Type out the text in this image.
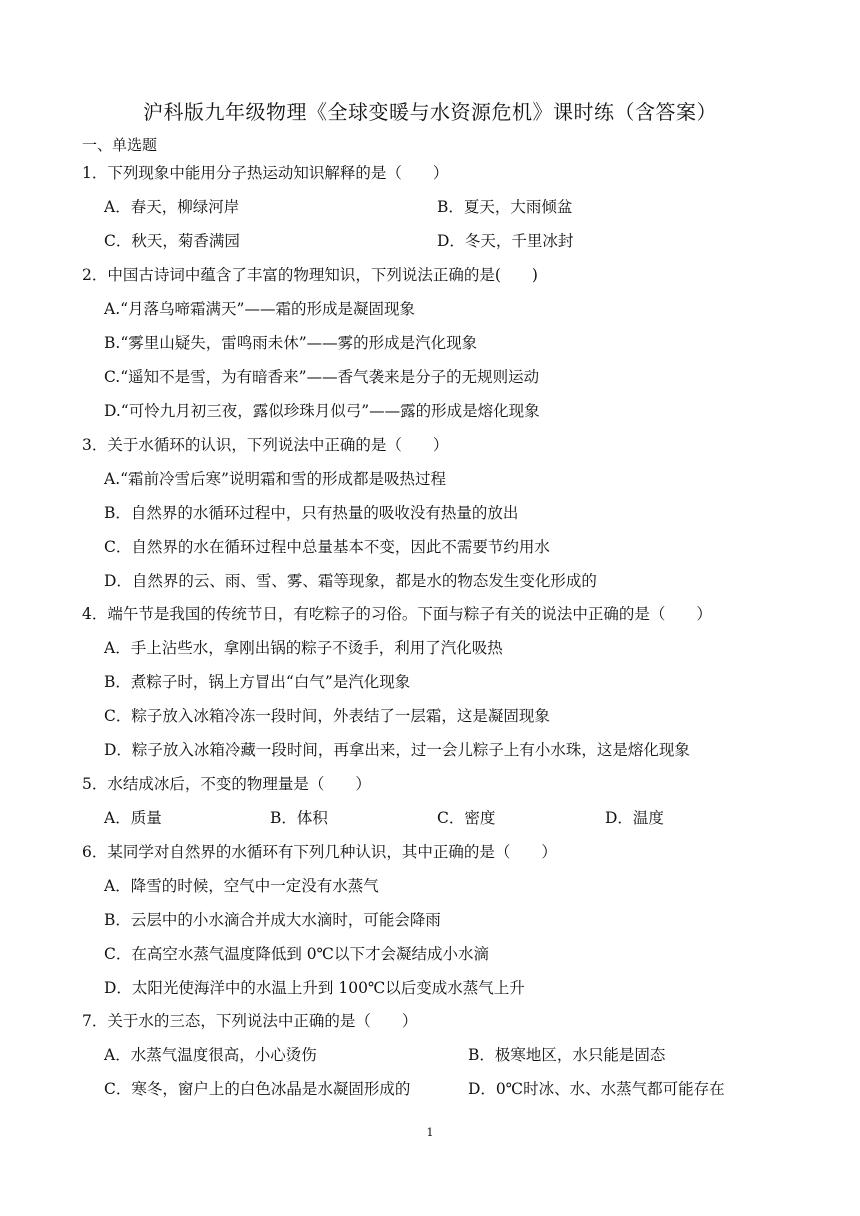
沪科版九年级物理《全球变暖与水资源危机》课时练（含答案）
一、单选题
1．下列现象中能用分子热运动知识解释的是（　　）
A．春天，柳绿河岸	B．夏天，大雨倾盆
C．秋天，菊香满园	D．冬天，千里冰封
2．中国古诗词中蕴含了丰富的物理知识，下列说法正确的是(　　)
A.“月落乌啼霜满天”——霜的形成是凝固现象
B.“雾里山疑失，雷鸣雨未休”——雾的形成是汽化现象
C.“遥知不是雪，为有暗香来”——香气袭来是分子的无规则运动
D.“可怜九月初三夜，露似珍珠月似弓”——露的形成是熔化现象
3．关于水循环的认识，下列说法中正确的是（　　）
A.“霜前冷雪后寒”说明霜和雪的形成都是吸热过程
B．自然界的水循环过程中，只有热量的吸收没有热量的放出
C．自然界的水在循环过程中总量基本不变，因此不需要节约用水
D．自然界的云、雨、雪、雾、霜等现象，都是水的物态发生变化形成的
4．端午节是我国的传统节日，有吃粽子的习俗。下面与粽子有关的说法中正确的是（　　）
A．手上沾些水，拿刚出锅的粽子不烫手，利用了汽化吸热
B．煮粽子时，锅上方冒出“白气”是汽化现象
C．粽子放入冰箱冷冻一段时间，外表结了一层霜，这是凝固现象
D．粽子放入冰箱冷藏一段时间，再拿出来，过一会儿粽子上有小水珠，这是熔化现象
5．水结成冰后，不变的物理量是（　　）
A．质量	B．体积	C．密度	D．温度
6．某同学对自然界的水循环有下列几种认识，其中正确的是（　　）
A．降雪的时候，空气中一定没有水蒸气
B．云层中的小水滴合并成大水滴时，可能会降雨
C．在高空水蒸气温度降低到 0℃以下才会凝结成小水滴
D．太阳光使海洋中的水温上升到 100℃以后变成水蒸气上升
7．关于水的三态，下列说法中正确的是（　　）
A．水蒸气温度很高，小心烫伤	B．极寒地区，水只能是固态
C．寒冬，窗户上的白色冰晶是水凝固形成的	D．0℃时冰、水、水蒸气都可能存在
1
